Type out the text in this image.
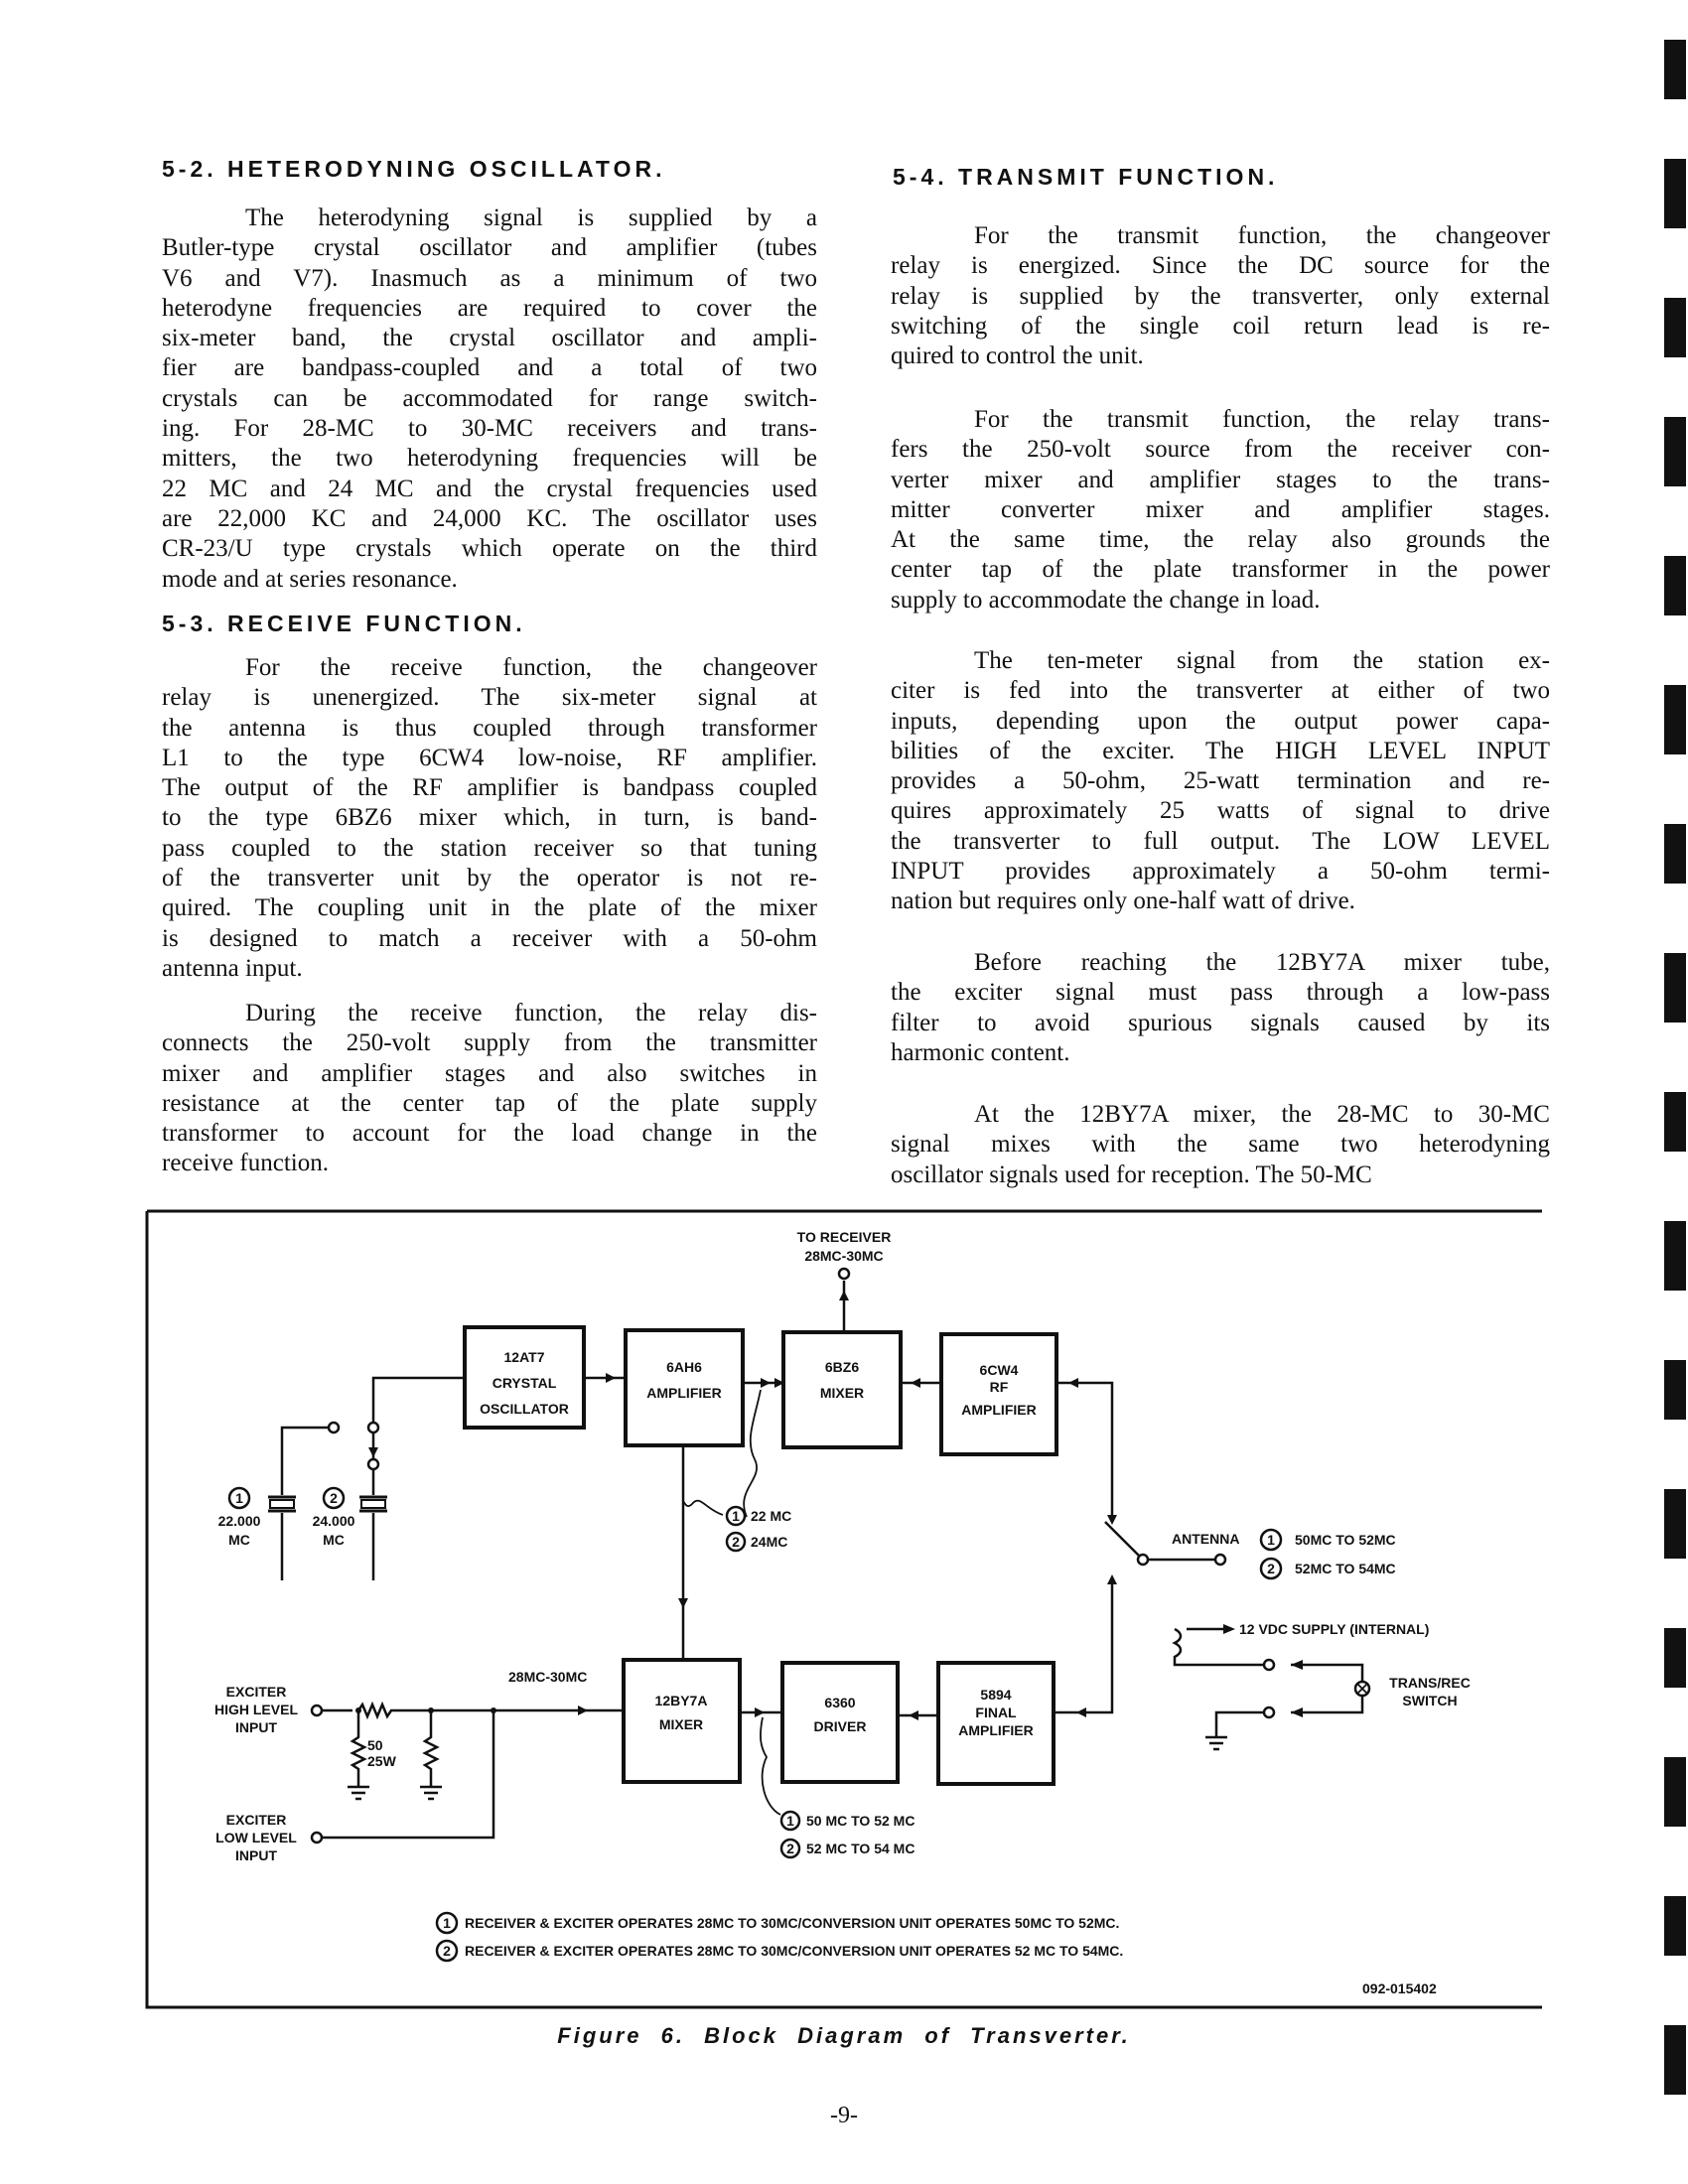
5-2. HETERODYNING OSCILLATOR.
The heterodyning signal is supplied by a
Butler-type crystal oscillator and amplifier (tubes
V6 and V7). Inasmuch as a minimum of two
heterodyne frequencies are required to cover the
six-meter band, the crystal oscillator and ampli-
fier are bandpass-coupled and a total of two
crystals can be accommodated for range switch-
ing. For 28-MC to 30-MC receivers and trans-
mitters, the two heterodyning frequencies will be
22 MC and 24 MC and the crystal frequencies used
are 22,000 KC and 24,000 KC. The oscillator uses
CR-23/U type crystals which operate on the third
mode and at series resonance.
5-3. RECEIVE FUNCTION.
For the receive function, the changeover
relay is unenergized. The six-meter signal at
the antenna is thus coupled through transformer
L1 to the type 6CW4 low-noise, RF amplifier.
The output of the RF amplifier is bandpass coupled
to the type 6BZ6 mixer which, in turn, is band-
pass coupled to the station receiver so that tuning
of the transverter unit by the operator is not re-
quired. The coupling unit in the plate of the mixer
is designed to match a receiver with a 50-ohm
antenna input.
During the receive function, the relay dis-
connects the 250-volt supply from the transmitter
mixer and amplifier stages and also switches in
resistance at the center tap of the plate supply
transformer to account for the load change in the
receive function.
5-4. TRANSMIT FUNCTION.
For the transmit function, the changeover
relay is energized. Since the DC source for the
relay is supplied by the transverter, only external
switching of the single coil return lead is re-
quired to control the unit.
For the transmit function, the relay trans-
fers the 250-volt source from the receiver con-
verter mixer and amplifier stages to the trans-
mitter converter mixer and amplifier stages.
At the same time, the relay also grounds the
center tap of the plate transformer in the power
supply to accommodate the change in load.
The ten-meter signal from the station ex-
citer is fed into the transverter at either of two
inputs, depending upon the output power capa-
bilities of the exciter. The HIGH LEVEL INPUT
provides a 50-ohm, 25-watt termination and re-
quires approximately 25 watts of signal to drive
the transverter to full output. The LOW LEVEL
INPUT provides approximately a 50-ohm termi-
nation but requires only one-half watt of drive.
Before reaching the 12BY7A mixer tube,
the exciter signal must pass through a low-pass
filter to avoid spurious signals caused by its
harmonic content.
At the 12BY7A mixer, the 28-MC to 30-MC
signal mixes with the same two heterodyning
oscillator signals used for reception. The 50-MC
TO RECEIVER
28MC-30MC
12AT7
CRYSTAL
OSCILLATOR
6AH6
AMPLIFIER
6BZ6
MIXER
6CW4
RF
AMPLIFIER
12BY7A
MIXER
6360
DRIVER
5894
FINAL
AMPLIFIER
1
22.000
MC
2
24.000
MC
1 22 MC
2 24MC	ANTENNA 1 50MC TO 52MC
2 52MC TO 54MC
1 50 MC TO 52 MC
2 52 MC TO 54 MC
28MC-30MC
EXCITER
HIGH LEVEL
INPUT
EXCITER
LOW LEVEL
INPUT
50
25W
12 VDC SUPPLY (INTERNAL)
TRANS/REC
SWITCH
1 RECEIVER & EXCITER OPERATES 28MC TO 30MC/CONVERSION UNIT OPERATES 50MC TO 52MC.
2 RECEIVER & EXCITER OPERATES 28MC TO 30MC/CONVERSION UNIT OPERATES 52 MC TO 54MC.
092-015402
Figure 6. Block Diagram of Transverter.
-9-
